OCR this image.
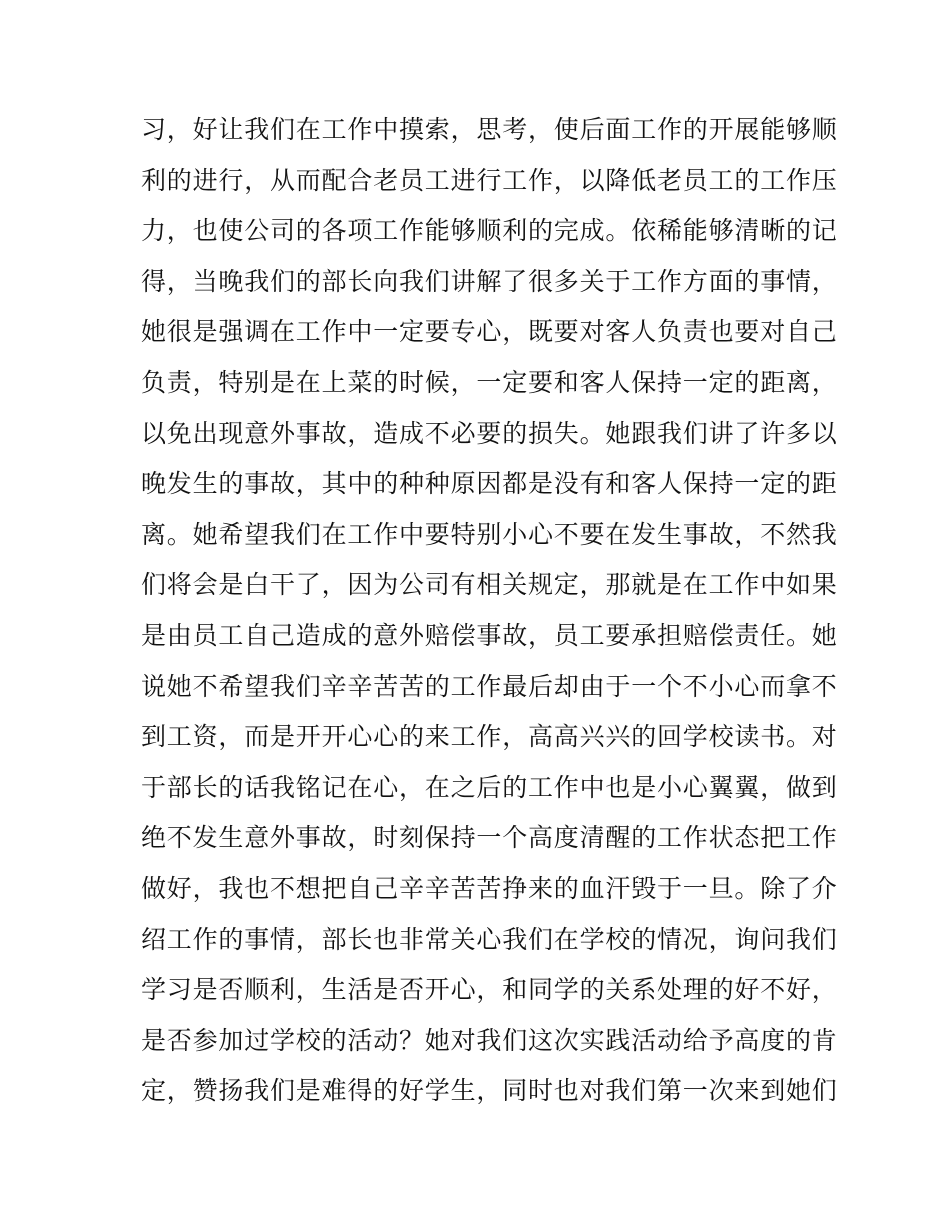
习，好让我们在工作中摸索，思考，使后面工作的开展能够顺
利的进行，从而配合老员工进行工作，以降低老员工的工作压
力，也使公司的各项工作能够顺利的完成。依稀能够清晰的记
得，当晚我们的部长向我们讲解了很多关于工作方面的事情，
她很是强调在工作中一定要专心，既要对客人负责也要对自己
负责，特别是在上菜的时候，一定要和客人保持一定的距离，
以免出现意外事故，造成不必要的损失。她跟我们讲了许多以
晚发生的事故，其中的种种原因都是没有和客人保持一定的距
离。她希望我们在工作中要特别小心不要在发生事故，不然我
们将会是白干了，因为公司有相关规定，那就是在工作中如果
是由员工自己造成的意外赔偿事故，员工要承担赔偿责任。她
说她不希望我们辛辛苦苦的工作最后却由于一个不小心而拿不
到工资，而是开开心心的来工作，高高兴兴的回学校读书。对
于部长的话我铭记在心，在之后的工作中也是小心翼翼，做到
绝不发生意外事故，时刻保持一个高度清醒的工作状态把工作
做好，我也不想把自己辛辛苦苦挣来的血汗毁于一旦。除了介
绍工作的事情，部长也非常关心我们在学校的情况，询问我们
学习是否顺利，生活是否开心，和同学的关系处理的好不好，
是否参加过学校的活动？她对我们这次实践活动给予高度的肯
定，赞扬我们是难得的好学生，同时也对我们第一次来到她们
